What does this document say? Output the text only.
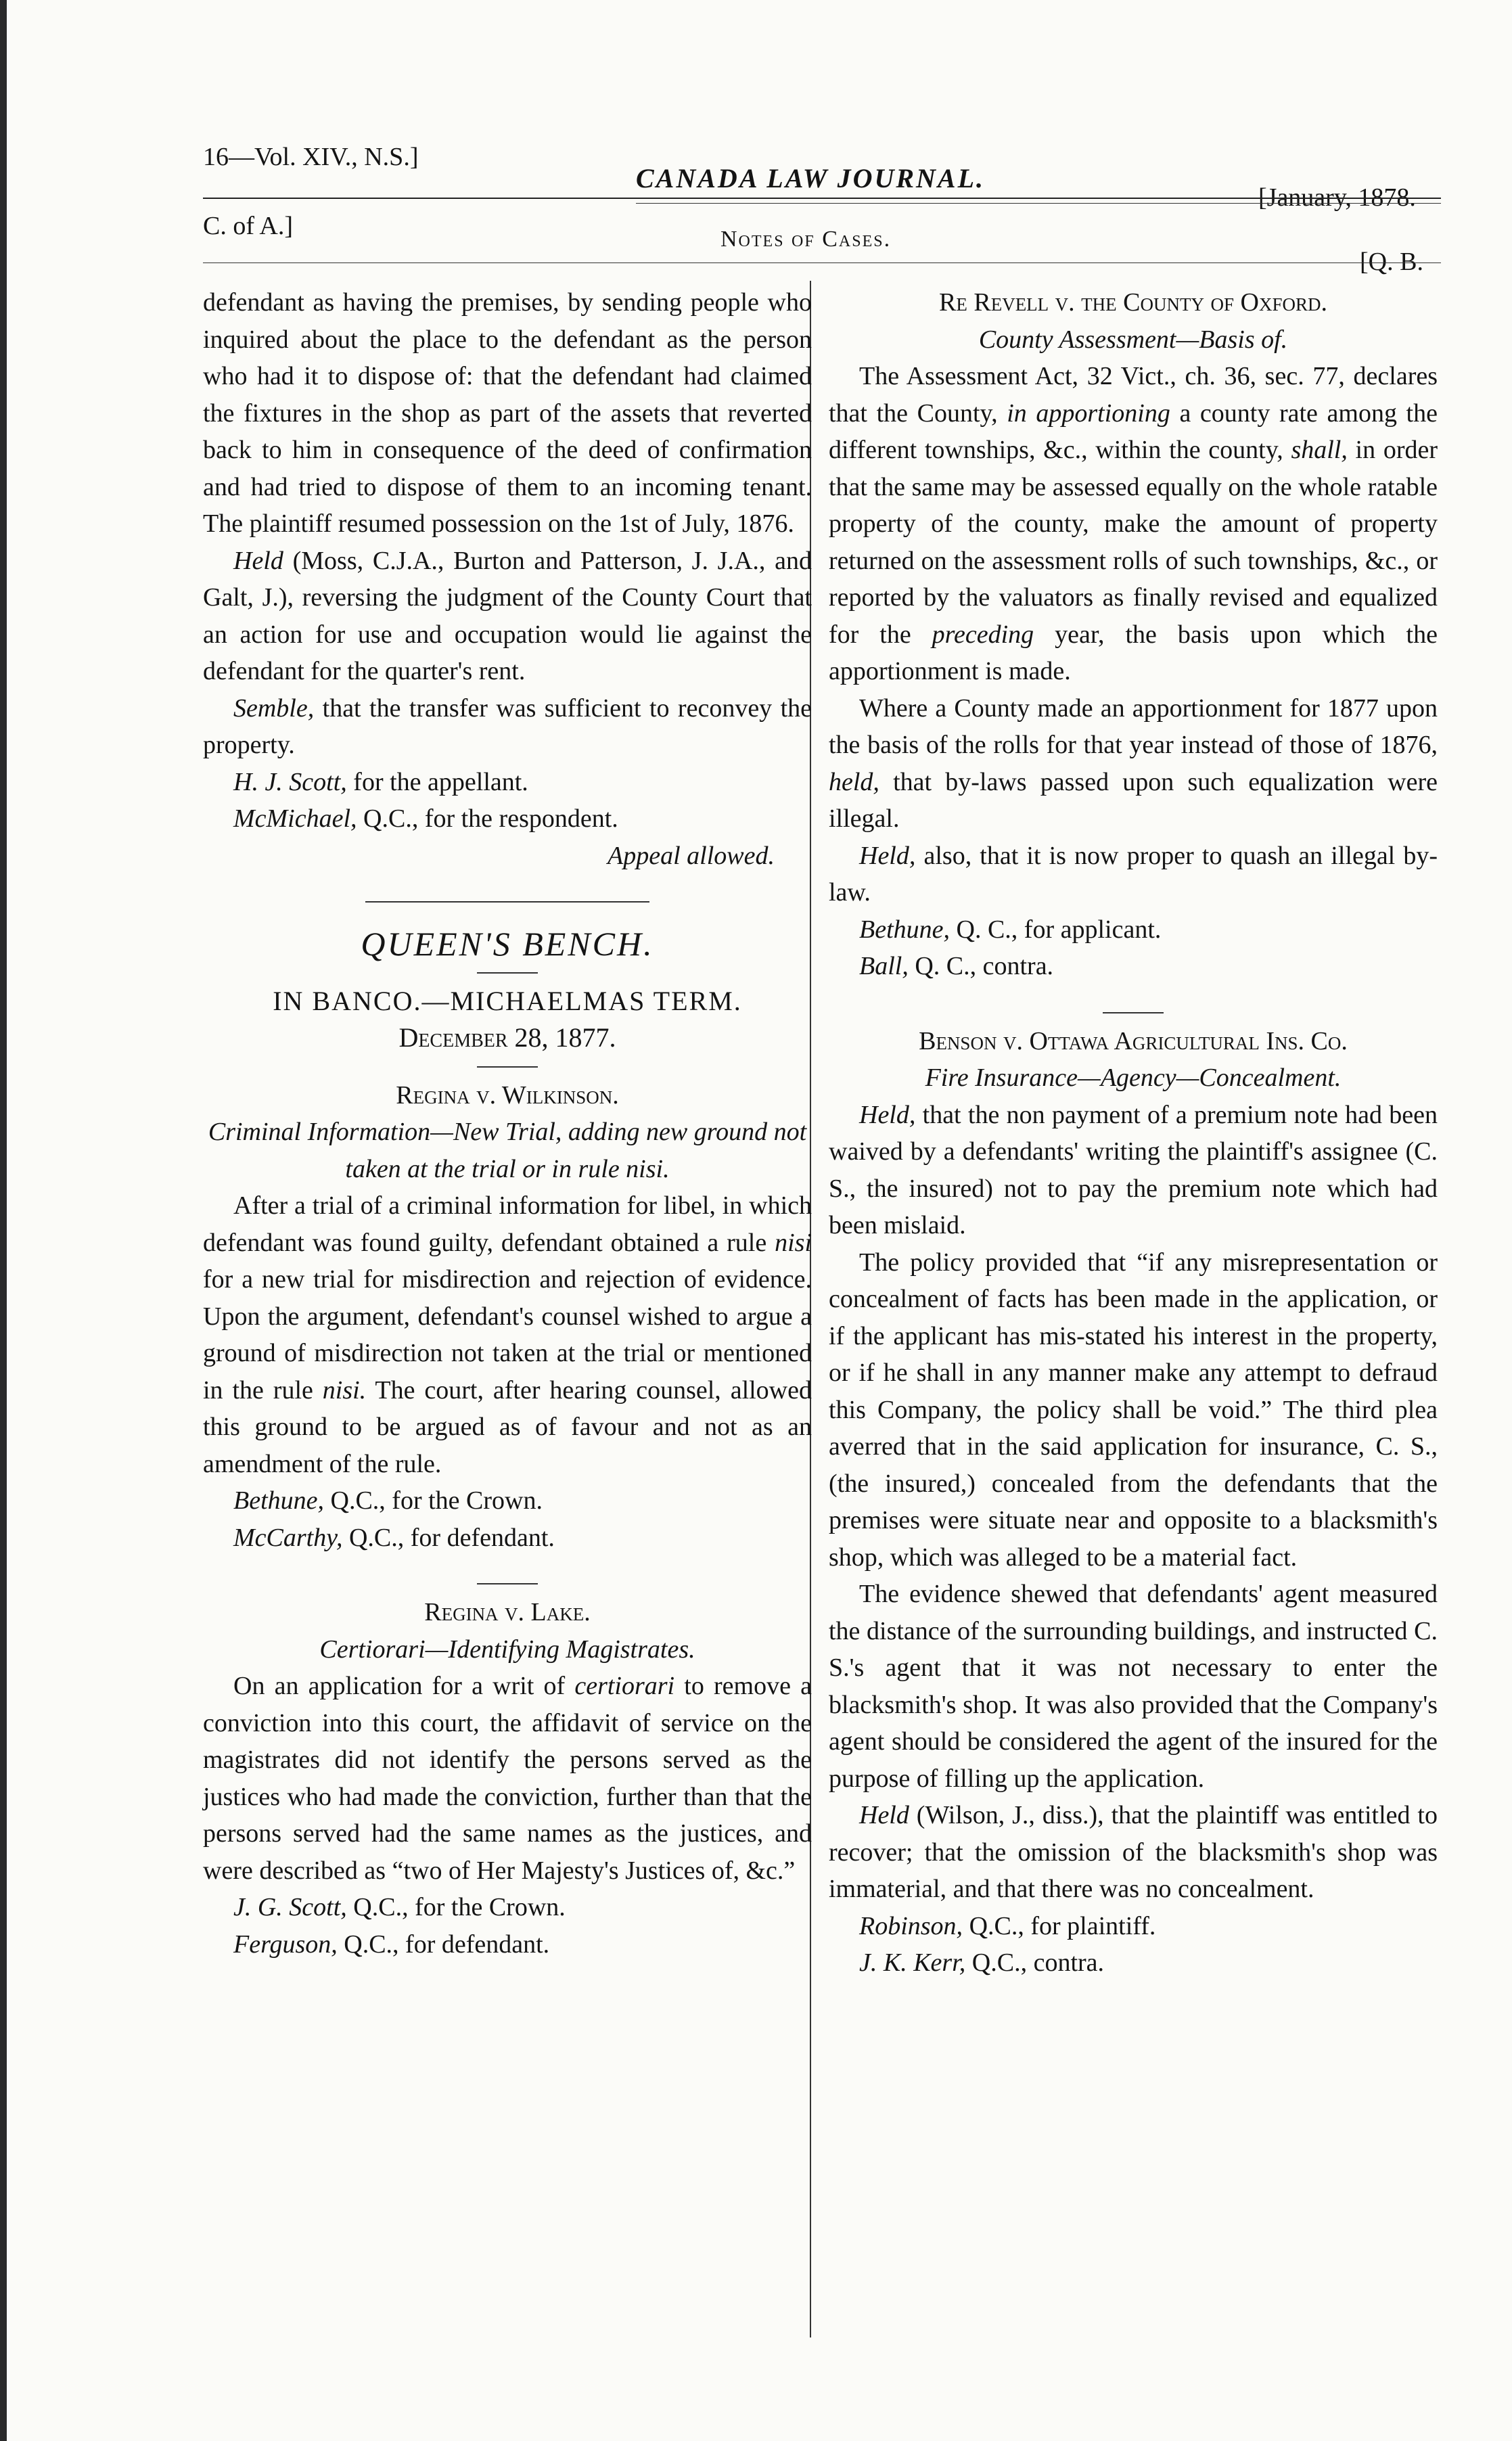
16—Vol. XIV., N.S.]
CANADA LAW JOURNAL.
[January, 1878.
C. of A.]	Notes of Cases.
[Q. B.

defendant as having the premises, by sending people who inquired about the place to the defendant as the person who had it to dispose of: that the defendant had claimed the fixtures in the shop as part of the assets that reverted back to him in consequence of the deed of confirmation and had tried to dispose of them to an incoming tenant. The plaintiff resumed possession on the 1st of July, 1876.

Held (Moss, C.J.A., Burton and Patterson, J. J.A., and Galt, J.), reversing the judgment of the County Court that an action for use and occupation would lie against the defendant for the quarter's rent.

Semble, that the transfer was sufficient to reconvey the property.

H. J. Scott, for the appellant.

McMichael, Q.C., for the respondent.

Appeal allowed.

QUEEN'S BENCH.
IN BANCO.—MICHAELMAS TERM.
December 28, 1877.

Regina v. Wilkinson.

Criminal Information—New Trial, adding new ground not taken at the trial or in rule nisi.

After a trial of a criminal information for libel, in which defendant was found guilty, defendant obtained a rule nisi for a new trial for misdirection and rejection of evidence. Upon the argument, defendant's counsel wished to argue a ground of misdirection not taken at the trial or mentioned in the rule nisi. The court, after hearing counsel, allowed this ground to be argued as of favour and not as an amendment of the rule.

Bethune, Q.C., for the Crown.

McCarthy, Q.C., for defendant.

Regina v. Lake.

Certiorari—Identifying Magistrates.

On an application for a writ of certiorari to remove a conviction into this court, the affidavit of service on the magistrates did not identify the persons served as the justices who had made the conviction, further than that the persons served had the same names as the justices, and were described as “two of Her Majesty's Justices of, &c.”

J. G. Scott, Q.C., for the Crown.

Ferguson, Q.C., for defendant.

Re Revell v. the County of Oxford.

County Assessment—Basis of.

The Assessment Act, 32 Vict., ch. 36, sec. 77, declares that the County, in apportioning a county rate among the different townships, &c., within the county, shall, in order that the same may be assessed equally on the whole ratable property of the county, make the amount of property returned on the assessment rolls of such townships, &c., or reported by the valuators as finally revised and equalized for the preceding year, the basis upon which the apportionment is made.

Where a County made an apportionment for 1877 upon the basis of the rolls for that year instead of those of 1876, held, that by-laws passed upon such equalization were illegal.

Held, also, that it is now proper to quash an illegal by-law.

Bethune, Q. C., for applicant.

Ball, Q. C., contra.

Benson v. Ottawa Agricultural Ins. Co.

Fire Insurance—Agency—Concealment.

Held, that the non payment of a premium note had been waived by a defendants' writing the plaintiff's assignee (C. S., the insured) not to pay the premium note which had been mislaid.

The policy provided that “if any misrepresentation or concealment of facts has been made in the application, or if the applicant has mis-stated his interest in the property, or if he shall in any manner make any attempt to defraud this Company, the policy shall be void.” The third plea averred that in the said application for insurance, C. S., (the insured,) concealed from the defendants that the premises were situate near and opposite to a blacksmith's shop, which was alleged to be a material fact.

The evidence shewed that defendants' agent measured the distance of the surrounding buildings, and instructed C. S.'s agent that it was not necessary to enter the blacksmith's shop. It was also provided that the Company's agent should be considered the agent of the insured for the purpose of filling up the application.

Held (Wilson, J., diss.), that the plaintiff was entitled to recover; that the omission of the blacksmith's shop was immaterial, and that there was no concealment.

Robinson, Q.C., for plaintiff.

J. K. Kerr, Q.C., contra.
